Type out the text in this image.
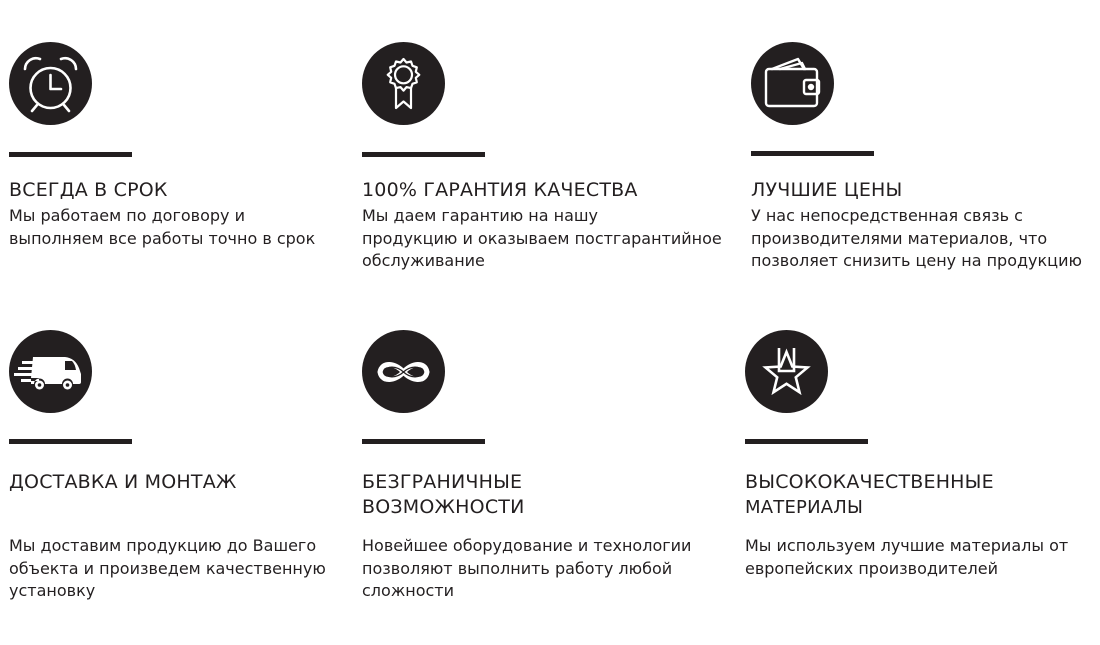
ВСЕГДА В СРОК

Мы работаем по договору и
выполняем все работы точно в срок

100% ГАРАНТИЯ КАЧЕСТВА

Мы даем гарантию на нашу
продукцию и оказываем постгарантийное
обслуживание

ЛУЧШИЕ ЦЕНЫ

У нас непосредственная связь с
производителями материалов, что
позволяет снизить цену на продукцию

ДОСТАВКА И МОНТАЖ

Мы доставим продукцию до Вашего
объекта и произведем качественную
установку

БЕЗГРАНИЧНЫЕ
ВОЗМОЖНОСТИ

Новейшее оборудование и технологии
позволяют выполнить работу любой
сложности

ВЫСОКОКАЧЕСТВЕННЫЕ
МАТЕРИАЛЫ

Мы используем лучшие материалы от
европейских производителей
